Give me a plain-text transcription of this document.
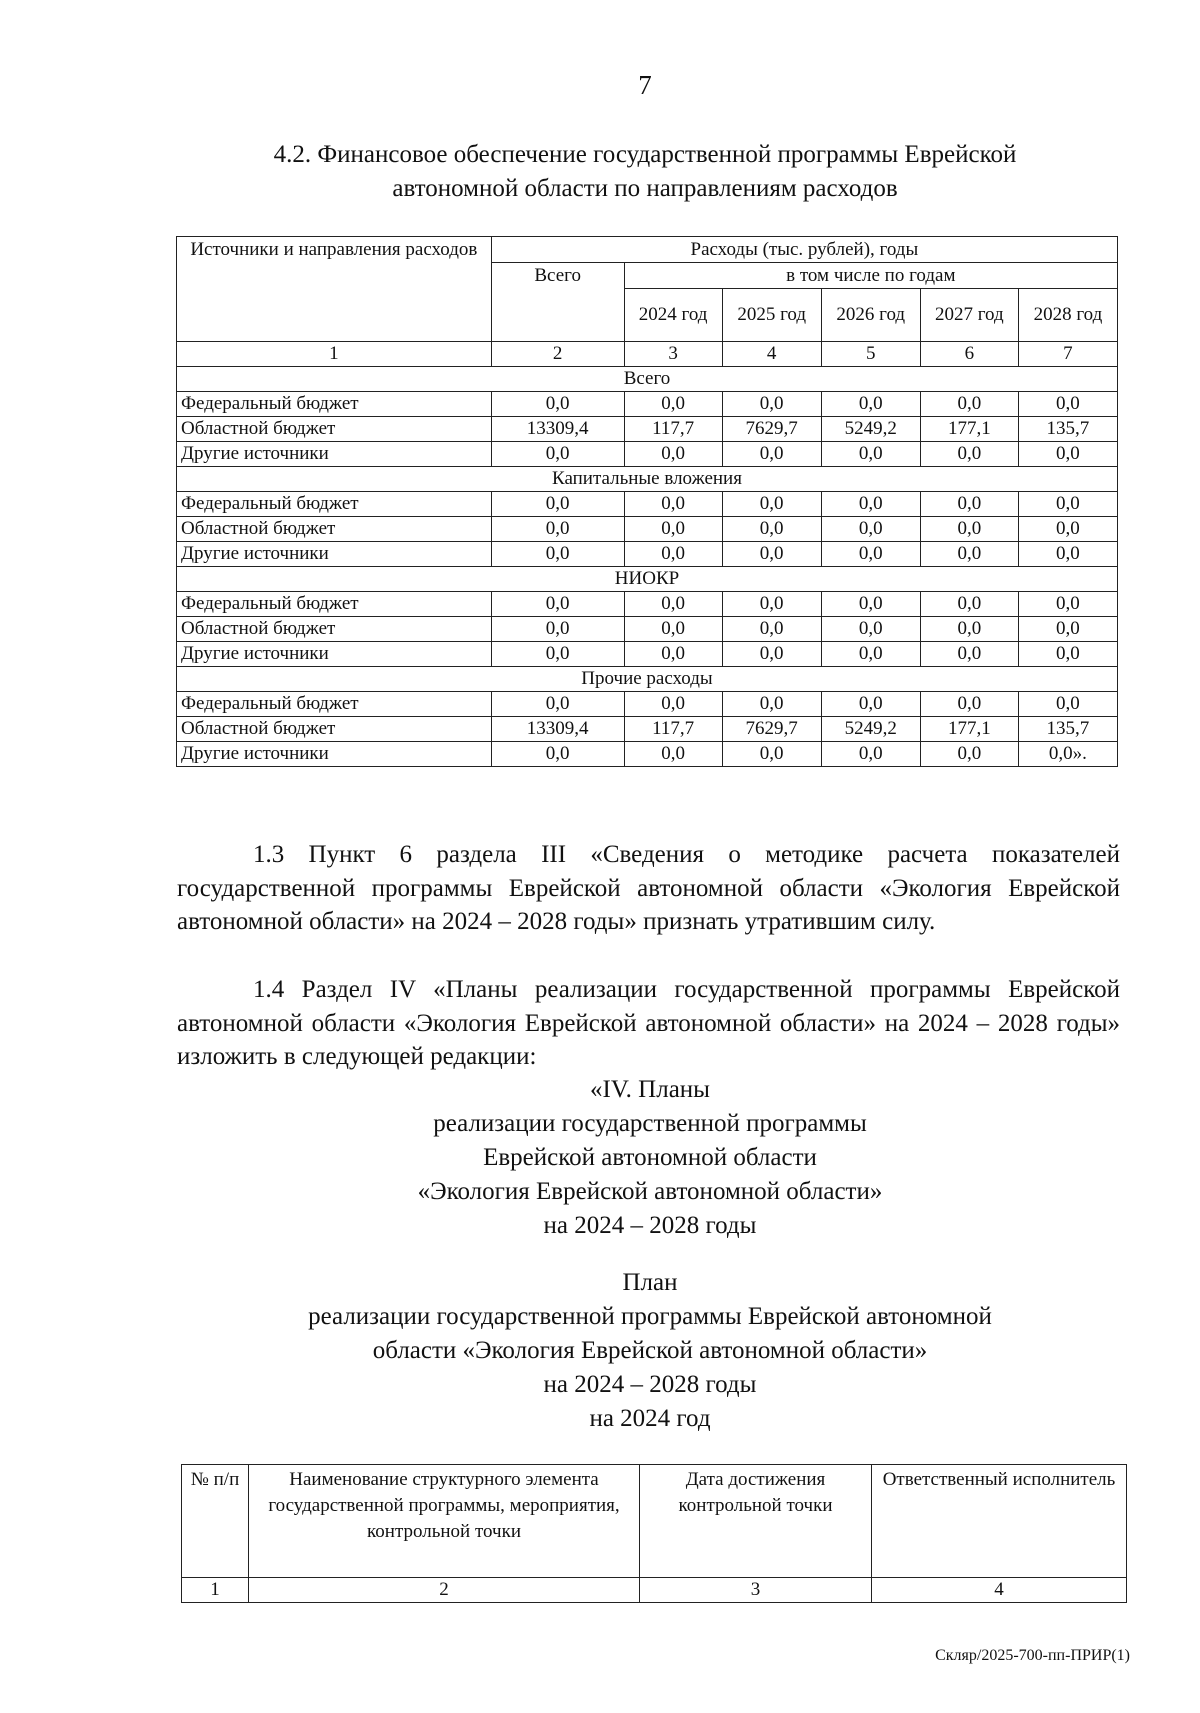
7
4.2. Финансовое обеспечение государственной программы Еврейской
автономной области по направлениям расходов
Источники и направления расходов	Расходы (тыс. рублей), годы					
	Всего	в том числе по годам				
		2024 год	2025 год	2026 год	2027 год	2028 год
1	2	3	4	5	6	7
Всего						
Федеральный бюджет	0,0	0,0	0,0	0,0	0,0	0,0
Областной бюджет	13309,4	117,7	7629,7	5249,2	177,1	135,7
Другие источники	0,0	0,0	0,0	0,0	0,0	0,0
Капитальные вложения						
Федеральный бюджет	0,0	0,0	0,0	0,0	0,0	0,0
Областной бюджет	0,0	0,0	0,0	0,0	0,0	0,0
Другие источники	0,0	0,0	0,0	0,0	0,0	0,0
НИОКР						
Федеральный бюджет	0,0	0,0	0,0	0,0	0,0	0,0
Областной бюджет	0,0	0,0	0,0	0,0	0,0	0,0
Другие источники	0,0	0,0	0,0	0,0	0,0	0,0
Прочие расходы						
Федеральный бюджет	0,0	0,0	0,0	0,0	0,0	0,0
Областной бюджет	13309,4	117,7	7629,7	5249,2	177,1	135,7
Другие источники	0,0	0,0	0,0	0,0	0,0	0,0».

1.3 Пункт 6 раздела III «Сведения о методике расчета показателей государственной программы Еврейской автономной области «Экология Еврейской автономной области» на 2024 – 2028 годы» признать утратившим силу.

1.4 Раздел IV «Планы реализации государственной программы Еврейской автономной области «Экология Еврейской автономной области» на 2024 – 2028 годы» изложить в следующей редакции:

«IV. Планы
реализации государственной программы
Еврейской автономной области
«Экология Еврейской автономной области»
на 2024 – 2028 годы
План
реализации государственной программы Еврейской автономной
области «Экология Еврейской автономной области»
на 2024 – 2028 годы
на 2024 год
№ п/п	Наименование структурного элемента государственной программы, мероприятия, контрольной точки	Дата достижения контрольной точки	Ответственный исполнитель
1	2	3	4
Скляр/2025-700-пп-ПРИР(1)
